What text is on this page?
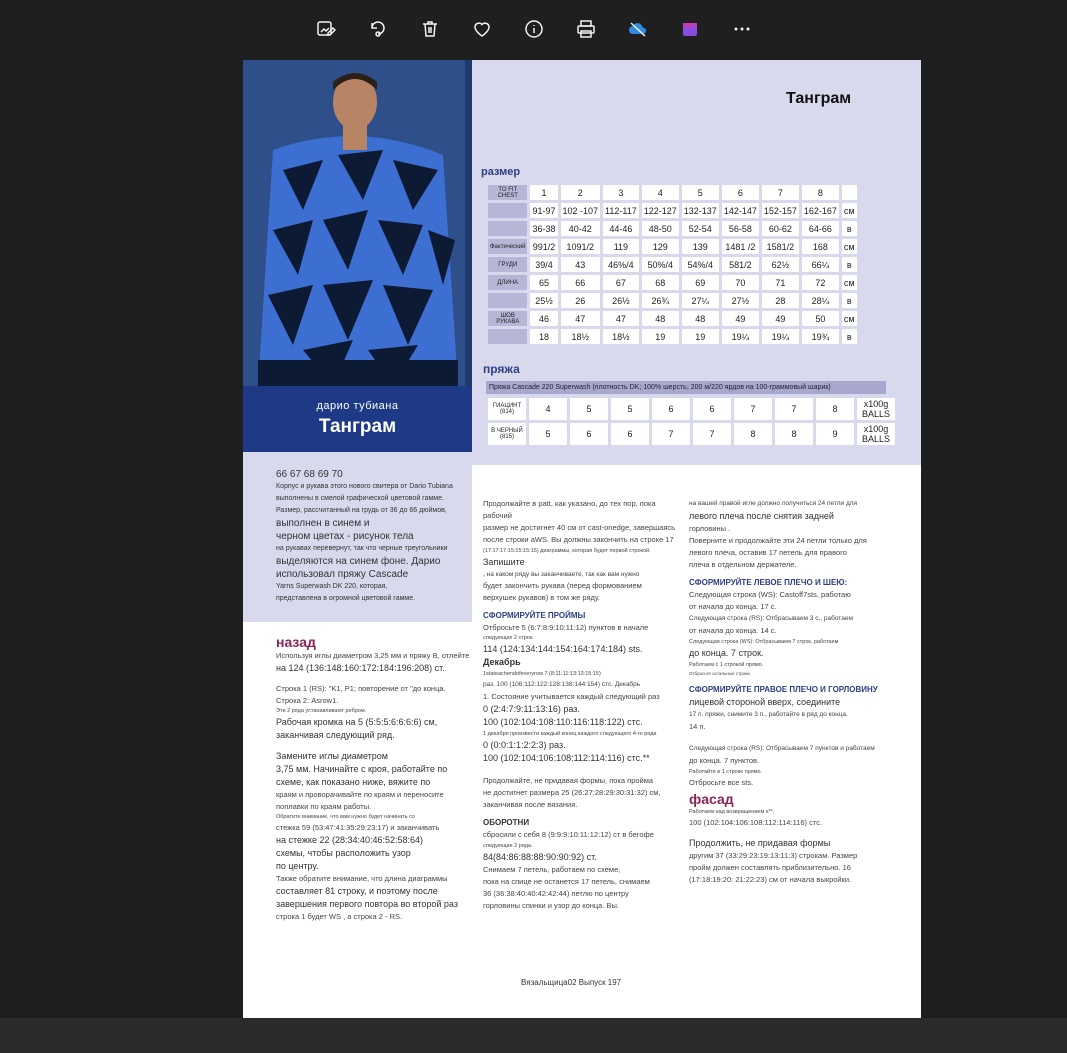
дарио тубиана
Танграм
66 67 68 69 70
Корпус и рукава этого нового свитера от Dario Tubiana
выполнены в смелой графической цветовой гамме.
Размер, рассчитанный на грудь от 36 до 66 дюймов,
выполнен в синем и
черном цветах - рисунок тела
на рукавах перевернут, так что черные треугольники
выделяются на синем фоне. Дарио
использовал пряжу Cascade
Yarns Superwash DK 220, которая,
представлена в огромной цветовой гамме.
Танграм
размер
TO FIT CHEST	1	2	3	4	5	6	7	8	
	91-97	102 -107	112-117	122-127	132-137	142-147	152-157	162-167	см
	36-38	40-42	44-46	48-50	52-54	56-58	60-62	64-66	в
Фактический	991/2	1091/2	119	129	139	1481 /2	1581/2	168	см
ГРУДИ	39/4	43	46%/4	50%/4	54%/4	581/2	62½	66¼	в
ДЛИНА	65	66	67	68	69	70	71	72	см
	25½	26	26½	26¾	27¼	27½	28	28¼	в
ШОВ РУКАВА	46	47	47	48	48	49	49	50	см
	18	18½	18½	19	19	19¼	19¼	19¾	в
пряжа
Пряжа Cascade 220 Superwash (плотность DK; 100% шерсть; 200 м/220 ярдов на 100-граммовый шарик)
ГИАЦИНТ (814)	4	5	5	6	6	7	7	8	x100g BALLS
В ЧЕРНЫЙ (815)	5	6	6	7	7	8	8	9	x100g BALLS
назад
Используя иглы диаметром 3,25 мм и пряжу B, отлейте
на 124 (136:148:160:172:184:196:208) ст.
Строка 1 (RS): "K1, P1; повторение от "до конца.
Строка 2: Asrow1.
Эти 2 ряда устанавливают ребром.
Рабочая кромка на 5 (5:5:5:6:6:6:6) см,
заканчивая следующий ряд.
Замените иглы диаметром
3,75 мм. Начинайте с кроя, работайте по
схеме, как показано ниже, вяжите по
краям и проворачивайте по краям и переносите
поплавки по краям работы.
Обратите внимание, что вам нужно будет начинать со
стежка 59 (53:47:41:35:29:23:17) и заканчивать
на стежке 22 (28:34:40:46:52:58:64)
схемы, чтобы расположить узор
по центру.
Также обратите внимание, что длина диаграммы
составляет 81 строку, и поэтому после
завершения первого повтора во второй раз
строка 1 будет WS , а строка 2 - RS.
Продолжайте в patt, как указано, до тех пор, пока рабочий
размер не достигнет 40 см от cast-onedge, завершаясь
после строки aWS. Вы должны закончить на строке 17
(17:17:17:15:15:15:15) диаграммы, которая будет первой строкой.
Запишите
, на каком ряду вы заканчиваете, так как вам нужно
будет закончить рукава (перед формованием
верхушек рукавов) в том же ряду.
СФОРМИРУЙТЕ ПРОЙМЫ
Отбросьте 5 (6:7:8:9:10:11:12) пунктов в начале
следующих 2 строк.
114 (124:134:144:154:164:174:184) sts.
Декабрь
1stateachendofeveryrow 7 (8:11:11:13:13:15:15)
раз. 100 (106:112:122:128:138:144:154) стс. Декабрь
1. Состояние учитывается каждый следующий раз
0 (2:4:7:9:11:13:16) раз.
100 (102:104:108:110:116:118:122) стс.
1 декабря произвести каждый конец каждого следующего 4-го ряда
0 (0:0:1:1:2:2:3) раз.
100 (102:104:106:108:112:114:116) стс.**
Продолжайте, не придавая формы, пока пройма
не достигнет размера 25 (26:27:28:29:30:31:32) см,
заканчивая после вязания.
ОБОРОТНИ
сбросили с себя 8 (9:9:9:10:11:12:12) ст в бегофе
следующие 2 ряда.
84(84:86:88:88:90:90:92) ст.
Снимаем 7 петель, работаем по схеме,
пока на спице не останется 17 петель, снимаем
36 (36:38:40:40:42:42:44) петлю по центру
горловины спинки и узор до конца. Вы.
на вашей правой игле должно получиться 24 петли для
левого плеча после снятия задней
горловины .
Поверните и продолжайте эти 24 петли только для
левого плеча, оставив 17 петель для правого
плеча в отдельном держателе.
СФОРМИРУЙТЕ ЛЕВОЕ ПЛЕЧО И ШЕЮ:
Следующая строка (WS): Castoff7sts, работаю
от начала до конца. 17 с.
Следующая строка (RS): Отбрасываем 3 с., работаем
от начала до конца. 14 с.
Следующая строка (WS): Отбрасываем 7 строк, работаем
до конца. 7 строк.
Работаем с 1 строкой прямо.
Отбросьте остальные строки.
СФОРМИРУЙТЕ ПРАВОЕ ПЛЕЧО И ГОРЛОВИНУ
лицевой стороной вверх, соедините
17 п. пряжи, снимите 3 п., работайте в ряд до конца.
14 п.
Следующая строка (RS): Отбрасываем 7 пунктов и работаем
до конца. 7 пунктов.
Работайте в 1 строке прямо.
Отбросьте все sts.
фасад
Работаем над возвращением s**.
100 (102:104:106:108:112:114:116) стс.
Продолжить, не придавая формы
другим 37 (33:29:23:19:13:11:3) строкам. Размер
пройм должен составлять приблизительно. 16
(17:18:19:20: 21:22:23) см от начала выкройки.
Вязальщица02 Выпуск 197
